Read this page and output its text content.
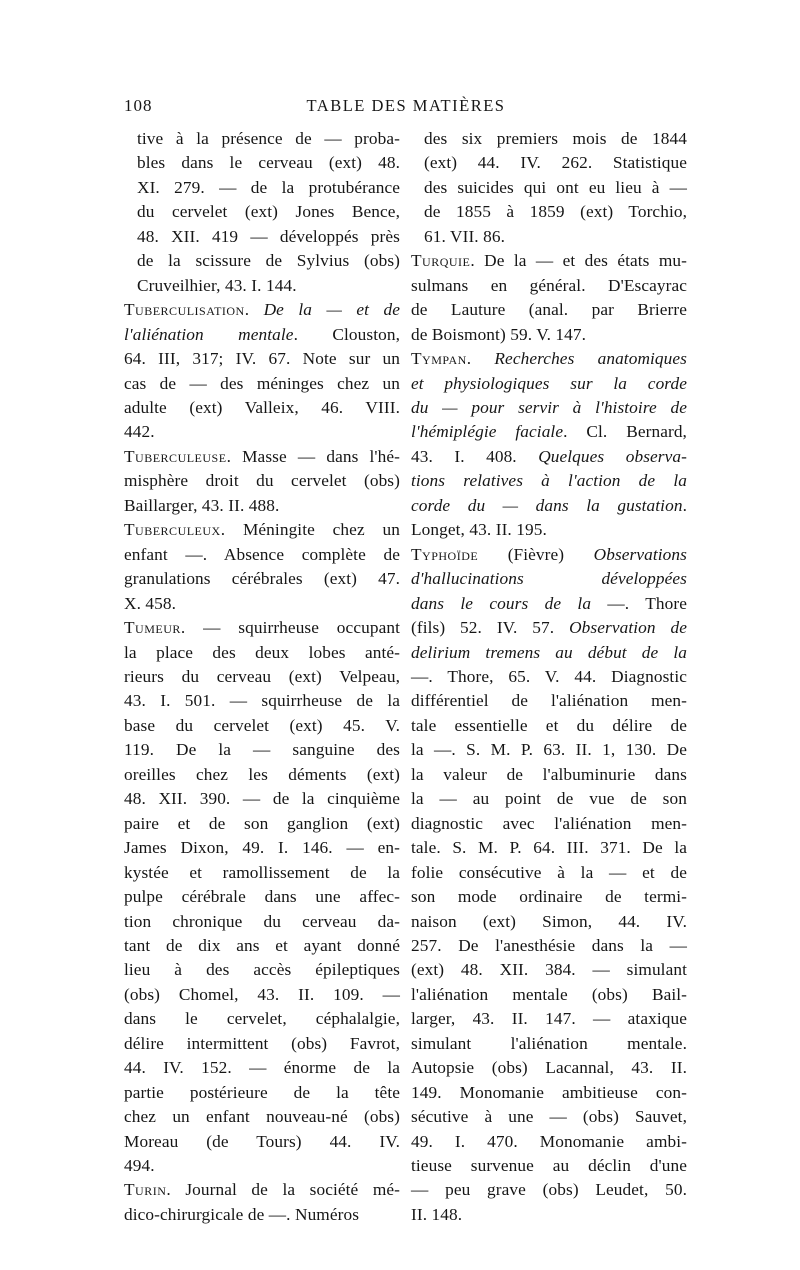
108	TABLE DES MATIÈRES
tive à la présence de — proba-
bles dans le cerveau (ext) 48.
XI. 279. — de la protubérance
du cervelet (ext) Jones Bence,
48. XII. 419 — développés près
de la scissure de Sylvius (obs)
Cruveilhier, 43. I. 144.
Tuberculisation. De la — et de
l'aliénation mentale. Clouston,
64. III, 317; IV. 67. Note sur un
cas de — des méninges chez un
adulte (ext) Valleix, 46. VIII.
442.
Tuberculeuse. Masse — dans l'hé-
misphère droit du cervelet (obs)
Baillarger, 43. II. 488.
Tuberculeux. Méningite chez un
enfant —. Absence complète de
granulations cérébrales (ext) 47.
X. 458.
Tumeur. — squirrheuse occupant
la place des deux lobes anté-
rieurs du cerveau (ext) Velpeau,
43. I. 501. — squirrheuse de la
base du cervelet (ext) 45. V.
119. De la — sanguine des
oreilles chez les déments (ext)
48. XII. 390. — de la cinquième
paire et de son ganglion (ext)
James Dixon, 49. I. 146. — en-
kystée et ramollissement de la
pulpe cérébrale dans une affec-
tion chronique du cerveau da-
tant de dix ans et ayant donné
lieu à des accès épileptiques
(obs) Chomel, 43. II. 109. —
dans le cervelet, céphalalgie,
délire intermittent (obs) Favrot,
44. IV. 152. — énorme de la
partie postérieure de la tête
chez un enfant nouveau-né (obs)
Moreau (de Tours) 44. IV.
494.
Turin. Journal de la société mé-
dico-chirurgicale de —. Numéros
des six premiers mois de 1844
(ext) 44. IV. 262. Statistique
des suicides qui ont eu lieu à —
de 1855 à 1859 (ext) Torchio,
61. VII. 86.
Turquie. De la — et des états mu-
sulmans en général. D'Escayrac
de Lauture (anal. par Brierre
de Boismont) 59. V. 147.
Tympan. Recherches anatomiques
et physiologiques sur la corde
du — pour servir à l'histoire de
l'hémiplégie faciale. Cl. Bernard,
43. I. 408. Quelques observa-
tions relatives à l'action de la
corde du — dans la gustation.
Longet, 43. II. 195.
Typhoïde (Fièvre) Observations
d'hallucinations développées
dans le cours de la —. Thore
(fils) 52. IV. 57. Observation de
delirium tremens au début de la
—. Thore, 65. V. 44. Diagnostic
différentiel de l'aliénation men-
tale essentielle et du délire de
la —. S. M. P. 63. II. 1, 130. De
la valeur de l'albuminurie dans
la — au point de vue de son
diagnostic avec l'aliénation men-
tale. S. M. P. 64. III. 371. De la
folie consécutive à la — et de
son mode ordinaire de termi-
naison (ext) Simon, 44. IV.
257. De l'anesthésie dans la —
(ext) 48. XII. 384. — simulant
l'aliénation mentale (obs) Bail-
larger, 43. II. 147. — ataxique
simulant l'aliénation mentale.
Autopsie (obs) Lacannal, 43. II.
149. Monomanie ambitieuse con-
sécutive à une — (obs) Sauvet,
49. I. 470. Monomanie ambi-
tieuse survenue au déclin d'une
— peu grave (obs) Leudet, 50.
II. 148.
